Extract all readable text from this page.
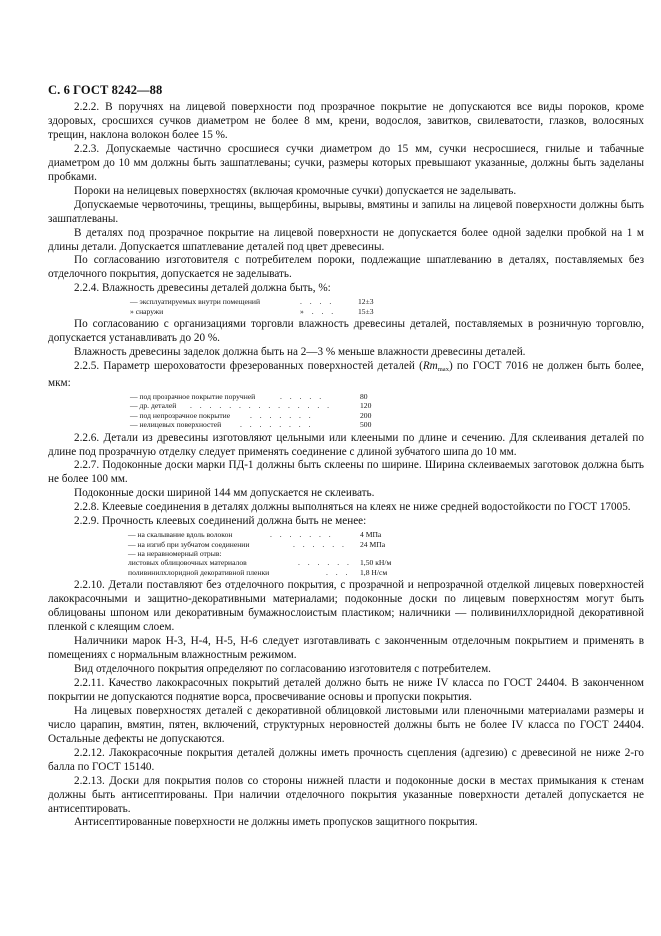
С. 6 ГОСТ 8242—88

2.2.2. В поручнях на лицевой поверхности под прозрачное покрытие не допускаются все виды пороков, кроме здоровых, сросшихся сучков диаметром не более 8 мм, крени, водослоя, завитков, свилеватости, глазков, волосяных трещин, наклона волокон более 15 %.

2.2.3. Допускаемые частично сросшиеся сучки диаметром до 15 мм, сучки несросшиеся, гнилые и табачные диаметром до 10 мм должны быть зашпатлеваны; сучки, размеры которых превышают указанные, должны быть заделаны пробками.

Пороки на нелицевых поверхностях (включая кромочные сучки) допускается не заделывать.

Допускаемые червоточины, трещины, выщербины, вырывы, вмятины и запилы на лицевой поверхности должны быть зашпатлеваны.

В деталях под прозрачное покрытие на лицевой поверхности не допускается более одной заделки пробкой на 1 м длины детали. Допускается шпатлевание деталей под цвет древесины.

По согласованию изготовителя с потребителем пороки, подлежащие шпатлеванию в деталях, поставляемых без отделочного покрытия, допускается не заделывать.

2.2.4. Влажность древесины деталей должна быть, %:

— эксплуатируемых внутри помещений	. . . .	12±3
» снаружи	» . . .	15±3

По согласованию с организациями торговли влажность древесины деталей, поставляемых в розничную торговлю, допускается устанавливать до 20 %.

Влажность древесины заделок должна быть на 2—3 % меньше влажности древесины деталей.

2.2.5. Параметр шероховатости фрезерованных поверхностей деталей $(Rm_{max})$ по ГОСТ 7016 не должен быть более, мкм:

— под прозрачное покрытие поручней	. . . . .	80
— др. деталей	. . . . . . . . . . . . . . .	120
— под непрозрачное покрытие	. . . . . . .	200
— нелицевых поверхностей	. . . . . . . .	500

2.2.6. Детали из древесины изготовляют цельными или клееными по длине и сечению. Для склеивания деталей по длине под прозрачную отделку следует применять соединение с длиной зубчатого шипа до 10 мм.

2.2.7. Подоконные доски марки ПД-1 должны быть склеены по ширине. Ширина склеиваемых заготовок должна быть не более 100 мм.

Подоконные доски шириной 144 мм допускается не склеивать.

2.2.8. Клеевые соединения в деталях должны выполняться на клеях не ниже средней водостойкости по ГОСТ 17005.

2.2.9. Прочность клеевых соединений должна быть не менее:

— на скалывание вдоль волокон	. . . . . . .	4 МПа
— на изгиб при зубчатом соединении	. . . . . .	24 МПа
— на неравномерный отрыв:
листовых облицовочных материалов	. . . . . .	1,50 кН/м
поливинилхлоридной декоративной пленки	. . .	1,8 Н/см

2.2.10. Детали поставляют без отделочного покрытия, с прозрачной и непрозрачной отделкой лицевых поверхностей лакокрасочными и защитно-декоративными материалами; подоконные доски по лицевым поверхностям могут быть облицованы шпоном или декоративным бумажнослоистым пластиком; наличники — поливинилхлоридной декоративной пленкой с клеящим слоем.

Наличники марок Н-3, Н-4, Н-5, Н-6 следует изготавливать с законченным отделочным покрытием и применять в помещениях с нормальным влажностным режимом.

Вид отделочного покрытия определяют по согласованию изготовителя с потребителем.

2.2.11. Качество лакокрасочных покрытий деталей должно быть не ниже IV класса по ГОСТ 24404. В законченном покрытии не допускаются поднятие ворса, просвечивание основы и пропуски покрытия.

На лицевых поверхностях деталей с декоративной облицовкой листовыми или пленочными материалами размеры и число царапин, вмятин, пятен, включений, структурных неровностей должны быть не более IV класса по ГОСТ 24404. Остальные дефекты не допускаются.

2.2.12. Лакокрасочные покрытия деталей должны иметь прочность сцепления (адгезию) с древесиной не ниже 2-го балла по ГОСТ 15140.

2.2.13. Доски для покрытия полов со стороны нижней пласти и подоконные доски в местах примыкания к стенам должны быть антисептированы. При наличии отделочного покрытия указанные поверхности деталей допускается не антисептировать.

Антисептированные поверхности не должны иметь пропусков защитного покрытия.
